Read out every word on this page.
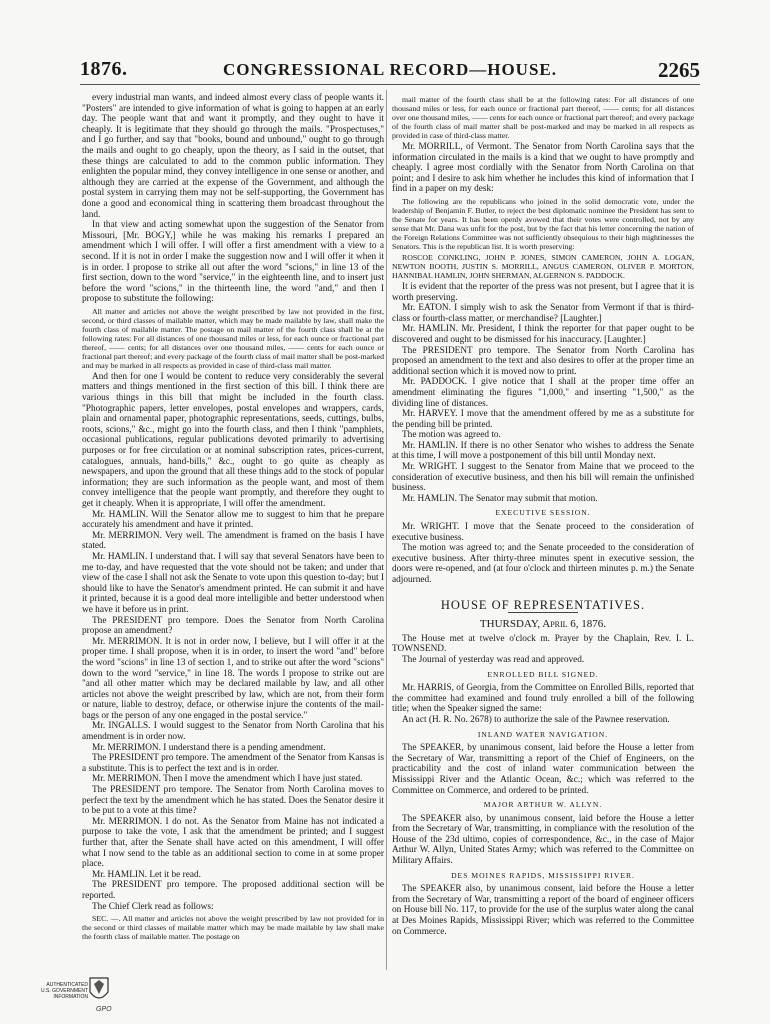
1876.	CONGRESSIONAL RECORD—HOUSE.	2265

every industrial man wants, and indeed almost every class of people wants it. "Posters" are intended to give information of what is going to happen at an early day. The people want that and want it promptly, and they ought to have it cheaply. It is legitimate that they should go through the mails. "Prospectuses," and I go further, and say that "books, bound and unbound," ought to go through the mails and ought to go cheaply, upon the theory, as I said in the outset, that these things are calculated to add to the common public information. They enlighten the popular mind, they convey intelligence in one sense or another, and although they are carried at the expense of the Government, and although the postal system in carrying them may not be self-supporting, the Government has done a good and economical thing in scattering them broadcast throughout the land.

In that view and acting somewhat upon the suggestion of the Senator from Missouri, [Mr. BOGY,] while he was making his remarks I prepared an amendment which I will offer. I will offer a first amendment with a view to a second. If it is not in order I make the suggestion now and I will offer it when it is in order. I propose to strike all out after the word "scions," in line 13 of the first section, down to the word "service," in the eighteenth line, and to insert just before the word "scions," in the thirteenth line, the word "and," and then I propose to substitute the following:

All matter and articles not above the weight prescribed by law not provided in the first, second, or third classes of mailable matter, which may be made mailable by law, shall make the fourth class of mailable matter. The postage on mail matter of the fourth class shall be at the following rates: For all distances of one thousand miles or less, for each ounce or fractional part thereof, —— cents; for all distances over one thousand miles, —— cents for each ounce or fractional part thereof; and every package of the fourth class of mail matter shall be post-marked and may be marked in all respects as provided in case of third-class mail matter.

And then for one I would be content to reduce very considerably the several matters and things mentioned in the first section of this bill. I think there are various things in this bill that might be included in the fourth class. "Photographic papers, letter envelopes, postal envelopes and wrappers, cards, plain and ornamental paper, photographic representations, seeds, cuttings, bulbs, roots, scions," &c., might go into the fourth class, and then I think "pamphlets, occasional publications, regular publications devoted primarily to advertising purposes or for free circulation or at nominal subscription rates, prices-current, catalogues, annuals, hand-bills," &c., ought to go quite as cheaply as newspapers, and upon the ground that all these things add to the stock of popular information; they are such information as the people want, and most of them convey intelligence that the people want promptly, and therefore they ought to get it cheaply. When it is appropriate, I will offer the amendment.

Mr. HAMLIN. Will the Senator allow me to suggest to him that he prepare accurately his amendment and have it printed.

Mr. MERRIMON. Very well. The amendment is framed on the basis I have stated.

Mr. HAMLIN. I understand that. I will say that several Senators have been to me to-day, and have requested that the vote should not be taken; and under that view of the case I shall not ask the Senate to vote upon this question to-day; but I should like to have the Senator's amendment printed. He can submit it and have it printed, because it is a good deal more intelligible and better understood when we have it before us in print.

The PRESIDENT pro tempore. Does the Senator from North Carolina propose an amendment?

Mr. MERRIMON. It is not in order now, I believe, but I will offer it at the proper time. I shall propose, when it is in order, to insert the word "and" before the word "scions" in line 13 of section 1, and to strike out after the word "scions" down to the word "service," in line 18. The words I propose to strike out are "and all other matter which may be declared mailable by law, and all other articles not above the weight prescribed by law, which are not, from their form or nature, liable to destroy, deface, or otherwise injure the contents of the mail-bags or the person of any one engaged in the postal service."

Mr. INGALLS. I would suggest to the Senator from North Carolina that his amendment is in order now.

Mr. MERRIMON. I understand there is a pending amendment.

The PRESIDENT pro tempore. The amendment of the Senator from Kansas is a substitute. This is to perfect the text and is in order.

Mr. MERRIMON. Then I move the amendment which I have just stated.

The PRESIDENT pro tempore. The Senator from North Carolina moves to perfect the text by the amendment which he has stated. Does the Senator desire it to be put to a vote at this time?

Mr. MERRIMON. I do not. As the Senator from Maine has not indicated a purpose to take the vote, I ask that the amendment be printed; and I suggest further that, after the Senate shall have acted on this amendment, I will offer what I now send to the table as an additional section to come in at some proper place.

Mr. HAMLIN. Let it be read.

The PRESIDENT pro tempore. The proposed additional section will be reported.

The Chief Clerk read as follows:

SEC. —. All matter and articles not above the weight prescribed by law not provided for in the second or third classes of mailable matter which may be made mailable by law shall make the fourth class of mailable matter. The postage on

mail matter of the fourth class shall be at the following rates: For all distances of one thousand miles or less, for each ounce or fractional part thereof, —— cents; for all distances over one thousand miles, —— cents for each ounce or fractional part thereof; and every package of the fourth class of mail matter shall be post-marked and may be marked in all respects as provided in case of third-class matter.

Mr. MORRILL, of Vermont. The Senator from North Carolina says that the information circulated in the mails is a kind that we ought to have promptly and cheaply. I agree most cordially with the Senator from North Carolina on that point; and I desire to ask him whether he includes this kind of information that I find in a paper on my desk:

The following are the republicans who joined in the solid democratic vote, under the leadership of Benjamin F. Butler, to reject the best diplomatic nominee the President has sent to the Senate for years. It has been openly avowed that their votes were controlled, not by any sense that Mr. Dana was unfit for the post, but by the fact that his letter concerning the nation of the Foreign Relations Committee was not sufficiently obsequious to their high mightinesses the Senators. This is the republican list. It is worth preserving:

ROSCOE CONKLING, JOHN P. JONES, SIMON CAMERON, JOHN A. LOGAN, NEWTON BOOTH, JUSTIN S. MORRILL, ANGUS CAMERON, OLIVER P. MORTON, HANNIBAL HAMLIN, JOHN SHERMAN, ALGERNON S. PADDOCK.

It is evident that the reporter of the press was not present, but I agree that it is worth preserving.

Mr. EATON. I simply wish to ask the Senator from Vermont if that is third-class or fourth-class matter, or merchandise? [Laughter.]

Mr. HAMLIN. Mr. President, I think the reporter for that paper ought to be discovered and ought to be dismissed for his inaccuracy. [Laughter.]

The PRESIDENT pro tempore. The Senator from North Carolina has proposed an amendment to the text and also desires to offer at the proper time an additional section which it is moved now to print.

Mr. PADDOCK. I give notice that I shall at the proper time offer an amendment eliminating the figures "1,000," and inserting "1,500," as the dividing line of distances.

Mr. HARVEY. I move that the amendment offered by me as a substitute for the pending bill be printed.

The motion was agreed to.

Mr. HAMLIN. If there is no other Senator who wishes to address the Senate at this time, I will move a postponement of this bill until Monday next.

Mr. WRIGHT. I suggest to the Senator from Maine that we proceed to the consideration of executive business, and then his bill will remain the unfinished business.

Mr. HAMLIN. The Senator may submit that motion.

EXECUTIVE SESSION.

Mr. WRIGHT. I move that the Senate proceed to the consideration of executive business.

The motion was agreed to; and the Senate proceeded to the consideration of executive business. After thirty-three minutes spent in executive session, the doors were re-opened, and (at four o'clock and thirteen minutes p. m.) the Senate adjourned.

HOUSE OF REPRESENTATIVES.
THURSDAY, April 6, 1876.

The House met at twelve o'clock m. Prayer by the Chaplain, Rev. I. L. TOWNSEND.

The Journal of yesterday was read and approved.

ENROLLED BILL SIGNED.

Mr. HARRIS, of Georgia, from the Committee on Enrolled Bills, reported that the committee had examined and found truly enrolled a bill of the following title; when the Speaker signed the same:

An act (H. R. No. 2678) to authorize the sale of the Pawnee reservation.

INLAND WATER NAVIGATION.

The SPEAKER, by unanimous consent, laid before the House a letter from the Secretary of War, transmitting a report of the Chief of Engineers, on the practicability and the cost of inland water communication between the Mississippi River and the Atlantic Ocean, &c.; which was referred to the Committee on Commerce, and ordered to be printed.

MAJOR ARTHUR W. ALLYN.

The SPEAKER also, by unanimous consent, laid before the House a letter from the Secretary of War, transmitting, in compliance with the resolution of the House of the 23d ultimo, copies of correspondence, &c., in the case of Major Arthur W. Allyn, United States Army; which was referred to the Committee on Military Affairs.

DES MOINES RAPIDS, MISSISSIPPI RIVER.

The SPEAKER also, by unanimous consent, laid before the House a letter from the Secretary of War, transmitting a report of the board of engineer officers on House bill No. 117, to provide for the use of the surplus water along the canal at Des Moines Rapids, Mississippi River; which was referred to the Committee on Commerce.

AUTHENTICATED
U.S. GOVERNMENT
INFORMATION
GPO
